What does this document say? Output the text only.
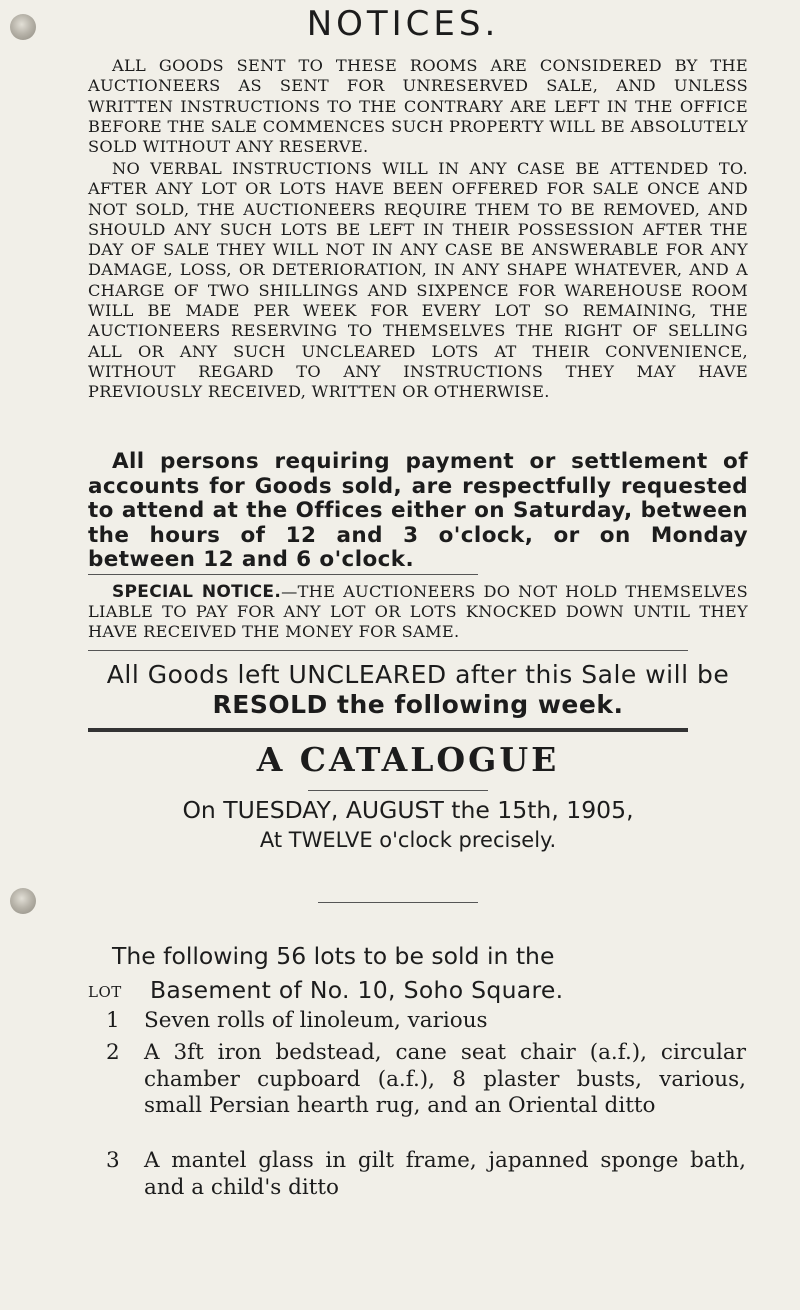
NOTICES.

ALL GOODS SENT TO THESE ROOMS ARE CONSIDERED BY THE AUCTIONEERS AS SENT FOR UNRESERVED SALE, AND UNLESS WRITTEN INSTRUCTIONS TO THE CONTRARY ARE LEFT IN THE OFFICE BEFORE THE SALE COMMENCES SUCH PROPERTY WILL BE ABSOLUTELY SOLD WITHOUT ANY RESERVE.

NO VERBAL INSTRUCTIONS WILL IN ANY CASE BE ATTENDED TO. AFTER ANY LOT OR LOTS HAVE BEEN OFFERED FOR SALE ONCE AND NOT SOLD, THE AUCTIONEERS REQUIRE THEM TO BE REMOVED, AND SHOULD ANY SUCH LOTS BE LEFT IN THEIR POSSESSION AFTER THE DAY OF SALE THEY WILL NOT IN ANY CASE BE ANSWERABLE FOR ANY DAMAGE, LOSS, OR DETERIORATION, IN ANY SHAPE WHATEVER, AND A CHARGE OF TWO SHILLINGS AND SIXPENCE FOR WAREHOUSE ROOM WILL BE MADE PER WEEK FOR EVERY LOT SO REMAINING, THE AUCTIONEERS RESERVING TO THEMSELVES THE RIGHT OF SELLING ALL OR ANY SUCH UNCLEARED LOTS AT THEIR CONVENIENCE, WITHOUT REGARD TO ANY INSTRUCTIONS THEY MAY HAVE PREVIOUSLY RECEIVED, WRITTEN OR OTHERWISE.

All persons requiring payment or settlement of accounts for Goods sold, are respectfully requested to attend at the Offices either on Saturday, between the hours of 12 and 3 o'clock, or on Monday between 12 and 6 o'clock.

SPECIAL NOTICE.—THE AUCTIONEERS DO NOT HOLD THEMSELVES LIABLE TO PAY FOR ANY LOT OR LOTS KNOCKED DOWN UNTIL THEY HAVE RECEIVED THE MONEY FOR SAME.

All Goods left UNCLEARED after this Sale will be
RESOLD the following week.

A CATALOGUE

On TUESDAY, AUGUST the 15th, 1905,

At TWELVE o'clock precisely.

The following 56 lots to be sold in the

LOT Basement of No. 10, Soho Square.
1 Seven rolls of linoleum, various
2 A 3ft iron bedstead, cane seat chair (a.f.), circular chamber cupboard (a.f.), 8 plaster busts, various, small Persian hearth rug, and an Oriental ditto
3 A mantel glass in gilt frame, japanned sponge bath, and a child's ditto
